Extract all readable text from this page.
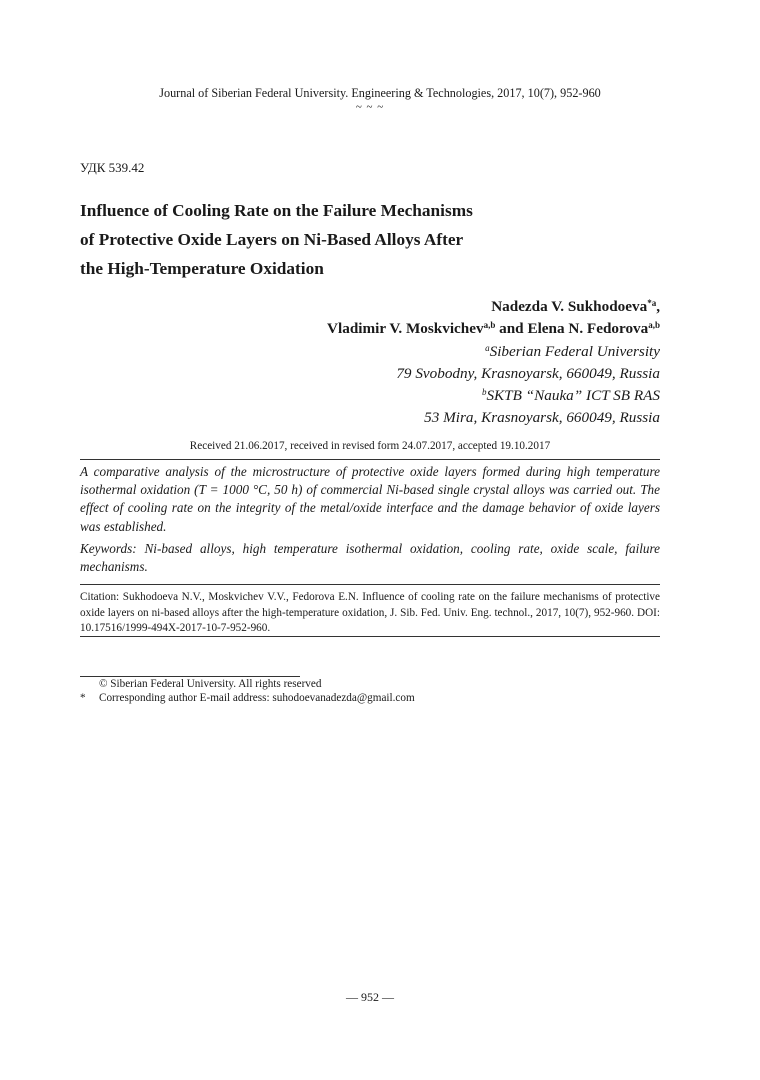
Journal of Siberian Federal University. Engineering & Technologies, 2017, 10(7), 952-960
~ ~ ~
УДК 539.42
Influence of Cooling Rate on the Failure Mechanisms
of Protective Oxide Layers on Ni-Based Alloys After
the High-Temperature Oxidation
Nadezda V. Sukhodoeva$^{*a}$,
Vladimir V. Moskvichev$^{a,b}$ and Elena N. Fedorova$^{a,b}$
$^a$Siberian Federal University
79 Svobodny, Krasnoyarsk, 660049, Russia
$^b$SKTB “Nauka” ICT SB RAS
53 Mira, Krasnoyarsk, 660049, Russia
Received 21.06.2017, received in revised form 24.07.2017, accepted 19.10.2017
A comparative analysis of the microstructure of protective oxide layers formed during high temperature isothermal oxidation (T = 1000 °C, 50 h) of commercial Ni-based single crystal alloys was carried out. The effect of cooling rate on the integrity of the metal/oxide interface and the damage behavior of oxide layers was established.
Keywords: Ni-based alloys, high temperature isothermal oxidation, cooling rate, oxide scale, failure mechanisms.
Citation: Sukhodoeva N.V., Moskvichev V.V., Fedorova E.N. Influence of cooling rate on the failure mechanisms of protective oxide layers on ni-based alloys after the high-temperature oxidation, J. Sib. Fed. Univ. Eng. technol., 2017, 10(7), 952-960. DOI: 10.17516/1999-494X-2017-10-7-952-960.
© Siberian Federal University. All rights reserved
* Corresponding author E-mail address: suhodoevanadezda@gmail.com
— 952 —
